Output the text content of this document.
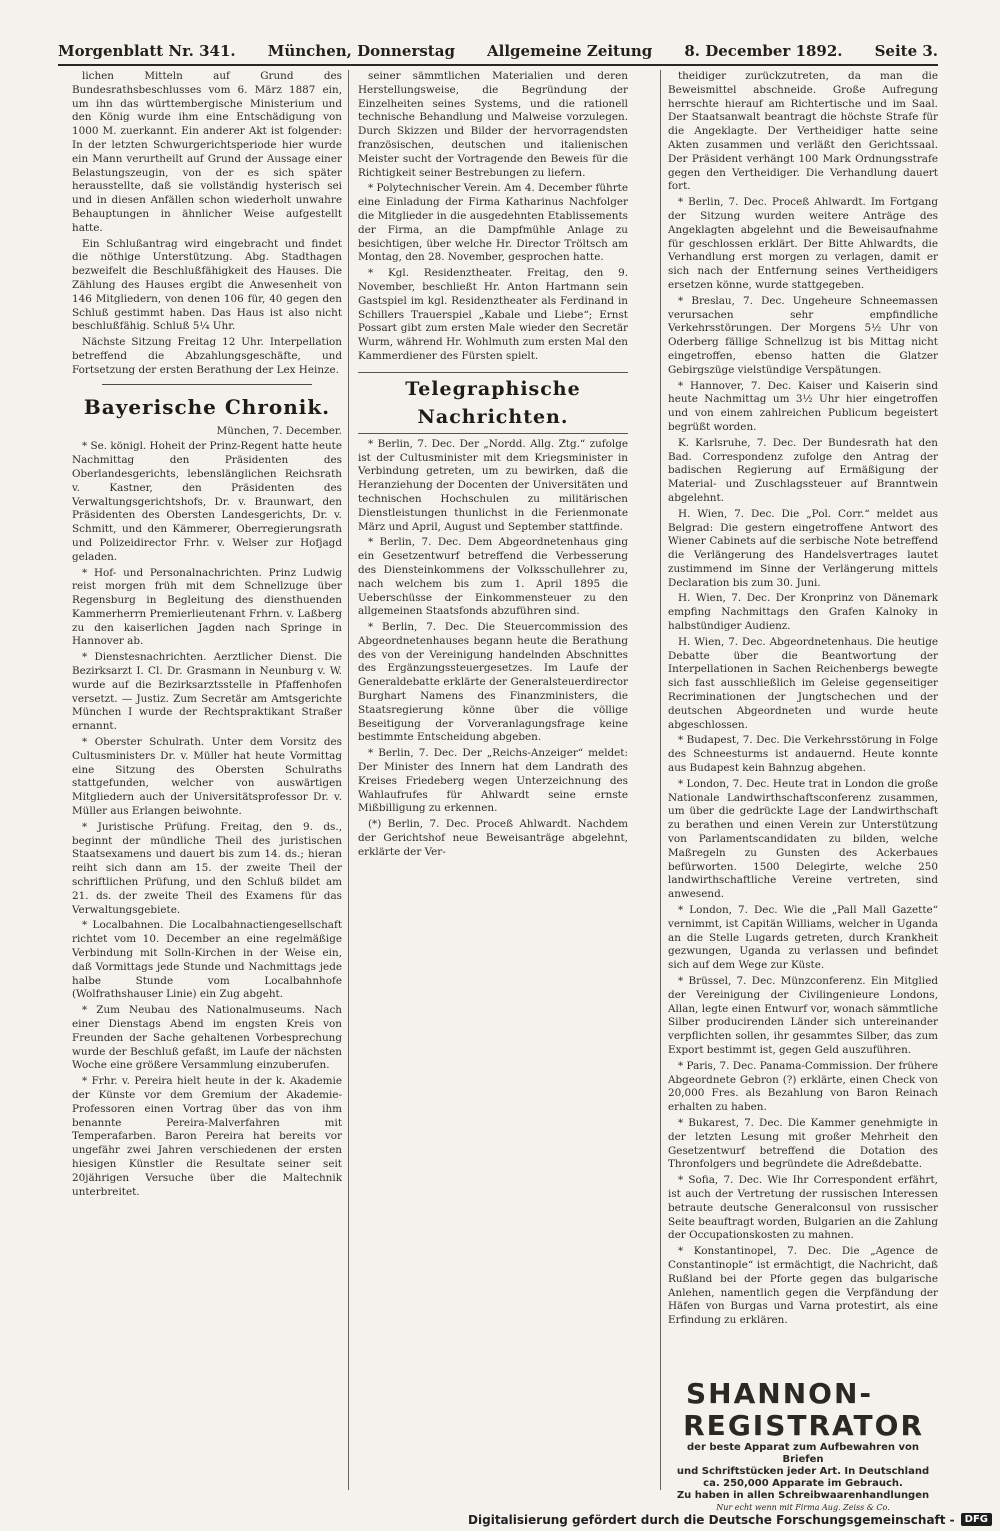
Morgenblatt Nr. 341. München, Donnerstag Allgemeine Zeitung 8. December 1892. Seite 3.

lichen Mitteln auf Grund des Bundesrathsbeschlusses vom 6. März 1887 ein, um ihn das württembergische Ministerium und den König wurde ihm eine Entschädigung von 1000 M. zuerkannt. Ein anderer Akt ist folgender: In der letzten Schwurgerichtsperiode hier wurde ein Mann verurtheilt auf Grund der Aussage einer Belastungszeugin, von der es sich später herausstellte, daß sie vollständig hysterisch sei und in diesen Anfällen schon wiederholt unwahre Behauptungen in ähnlicher Weise aufgestellt hatte.

Ein Schlußantrag wird eingebracht und findet die nöthige Unterstützung. Abg. Stadthagen bezweifelt die Beschlußfähigkeit des Hauses. Die Zählung des Hauses ergibt die Anwesenheit von 146 Mitgliedern, von denen 106 für, 40 gegen den Schluß gestimmt haben. Das Haus ist also nicht beschlußfähig. Schluß 5¼ Uhr.

Nächste Sitzung Freitag 12 Uhr. Interpellation betreffend die Abzahlungsgeschäfte, und Fortsetzung der ersten Berathung der Lex Heinze.

Bayerische Chronik.
München, 7. December.

* Se. königl. Hoheit der Prinz-Regent hatte heute Nachmittag den Präsidenten des Oberlandesgerichts, lebenslänglichen Reichsrath v. Kastner, den Präsidenten des Verwaltungsgerichtshofs, Dr. v. Braunwart, den Präsidenten des Obersten Landesgerichts, Dr. v. Schmitt, und den Kämmerer, Oberregierungsrath und Polizeidirector Frhr. v. Welser zur Hofjagd geladen.

* Hof- und Personalnachrichten. Prinz Ludwig reist morgen früh mit dem Schnellzuge über Regensburg in Begleitung des diensthuenden Kammerherrn Premierlieutenant Frhrn. v. Laßberg zu den kaiserlichen Jagden nach Springe in Hannover ab.

* Dienstesnachrichten. Aerztlicher Dienst. Die Bezirksarzt I. Cl. Dr. Grasmann in Neunburg v. W. wurde auf die Bezirksarztsstelle in Pfaffenhofen versetzt. — Justiz. Zum Secretär am Amtsgerichte München I wurde der Rechtspraktikant Straßer ernannt.

* Oberster Schulrath. Unter dem Vorsitz des Cultusministers Dr. v. Müller hat heute Vormittag eine Sitzung des Obersten Schulraths stattgefunden, welcher von auswärtigen Mitgliedern auch der Universitätsprofessor Dr. v. Müller aus Erlangen beiwohnte.

* Juristische Prüfung. Freitag, den 9. ds., beginnt der mündliche Theil des juristischen Staatsexamens und dauert bis zum 14. ds.; hieran reiht sich dann am 15. der zweite Theil der schriftlichen Prüfung, und den Schluß bildet am 21. ds. der zweite Theil des Examens für das Verwaltungsgebiete.

* Localbahnen. Die Localbahnactiengesellschaft richtet vom 10. December an eine regelmäßige Verbindung mit Solln-Kirchen in der Weise ein, daß Vormittags jede Stunde und Nachmittags jede halbe Stunde vom Localbahnhofe (Wolfrathshauser Linie) ein Zug abgeht.

* Zum Neubau des Nationalmuseums. Nach einer Dienstags Abend im engsten Kreis von Freunden der Sache gehaltenen Vorbesprechung wurde der Beschluß gefaßt, im Laufe der nächsten Woche eine größere Versammlung einzuberufen.

* Frhr. v. Pereira hielt heute in der k. Akademie der Künste vor dem Gremium der Akademie-Professoren einen Vortrag über das von ihm benannte Pereira-Malverfahren mit Temperafarben. Baron Pereira hat bereits vor ungefähr zwei Jahren verschiedenen der ersten hiesigen Künstler die Resultate seiner seit 20jährigen Versuche über die Maltechnik unterbreitet.

seiner sämmtlichen Materialien und deren Herstellungsweise, die Begründung der Einzelheiten seines Systems, und die rationell technische Behandlung und Malweise vorzulegen. Durch Skizzen und Bilder der hervorragendsten französischen, deutschen und italienischen Meister sucht der Vortragende den Beweis für die Richtigkeit seiner Bestrebungen zu liefern.

* Polytechnischer Verein. Am 4. December führte eine Einladung der Firma Katharinus Nachfolger die Mitglieder in die ausgedehnten Etablissements der Firma, an die Dampfmühle Anlage zu besichtigen, über welche Hr. Director Tröltsch am Montag, den 28. November, gesprochen hatte.

* Kgl. Residenztheater. Freitag, den 9. November, beschließt Hr. Anton Hartmann sein Gastspiel im kgl. Residenztheater als Ferdinand in Schillers Trauerspiel „Kabale und Liebe“; Ernst Possart gibt zum ersten Male wieder den Secretär Wurm, während Hr. Wohlmuth zum ersten Mal den Kammerdiener des Fürsten spielt.

Telegraphische Nachrichten.

* Berlin, 7. Dec. Der „Nordd. Allg. Ztg.“ zufolge ist der Cultusminister mit dem Kriegsminister in Verbindung getreten, um zu bewirken, daß die Heranziehung der Docenten der Universitäten und technischen Hochschulen zu militärischen Dienstleistungen thunlichst in die Ferienmonate März und April, August und September stattfinde.

* Berlin, 7. Dec. Dem Abgeordnetenhaus ging ein Gesetzentwurf betreffend die Verbesserung des Diensteinkommens der Volksschullehrer zu, nach welchem bis zum 1. April 1895 die Ueberschüsse der Einkommensteuer zu den allgemeinen Staatsfonds abzuführen sind.

* Berlin, 7. Dec. Die Steuercommission des Abgeordnetenhauses begann heute die Berathung des von der Vereinigung handelnden Abschnittes des Ergänzungssteuergesetzes. Im Laufe der Generaldebatte erklärte der Generalsteuerdirector Burghart Namens des Finanzministers, die Staatsregierung könne über die völlige Beseitigung der Vorveranlagungsfrage keine bestimmte Entscheidung abgeben.

* Berlin, 7. Dec. Der „Reichs-Anzeiger“ meldet: Der Minister des Innern hat dem Landrath des Kreises Friedeberg wegen Unterzeichnung des Wahlaufrufes für Ahlwardt seine ernste Mißbilligung zu erkennen.

(*) Berlin, 7. Dec. Proceß Ahlwardt. Nachdem der Gerichtshof neue Beweisanträge abgelehnt, erklärte der Ver-

theidiger zurückzutreten, da man die Beweismittel abschneide. Große Aufregung herrschte hierauf am Richtertische und im Saal. Der Staatsanwalt beantragt die höchste Strafe für die Angeklagte. Der Vertheidiger hatte seine Akten zusammen und verläßt den Gerichtssaal. Der Präsident verhängt 100 Mark Ordnungsstrafe gegen den Vertheidiger. Die Verhandlung dauert fort.

* Berlin, 7. Dec. Proceß Ahlwardt. Im Fortgang der Sitzung wurden weitere Anträge des Angeklagten abgelehnt und die Beweisaufnahme für geschlossen erklärt. Der Bitte Ahlwardts, die Verhandlung erst morgen zu verlagen, damit er sich nach der Entfernung seines Vertheidigers ersetzen könne, wurde stattgegeben.

* Breslau, 7. Dec. Ungeheure Schneemassen verursachen sehr empfindliche Verkehrsstörungen. Der Morgens 5½ Uhr von Oderberg fällige Schnellzug ist bis Mittag nicht eingetroffen, ebenso hatten die Glatzer Gebirgszüge vielstündige Verspätungen.

* Hannover, 7. Dec. Kaiser und Kaiserin sind heute Nachmittag um 3½ Uhr hier eingetroffen und von einem zahlreichen Publicum begeistert begrüßt worden.

K. Karlsruhe, 7. Dec. Der Bundesrath hat den Bad. Correspondenz zufolge den Antrag der badischen Regierung auf Ermäßigung der Material- und Zuschlagssteuer auf Branntwein abgelehnt.

H. Wien, 7. Dec. Die „Pol. Corr.“ meldet aus Belgrad: Die gestern eingetroffene Antwort des Wiener Cabinets auf die serbische Note betreffend die Verlängerung des Handelsvertrages lautet zustimmend im Sinne der Verlängerung mittels Declaration bis zum 30. Juni.

H. Wien, 7. Dec. Der Kronprinz von Dänemark empfing Nachmittags den Grafen Kalnoky in halbstündiger Audienz.

H. Wien, 7. Dec. Abgeordnetenhaus. Die heutige Debatte über die Beantwortung der Interpellationen in Sachen Reichenbergs bewegte sich fast ausschließlich im Geleise gegenseitiger Recriminationen der Jungtschechen und der deutschen Abgeordneten und wurde heute abgeschlossen.

* Budapest, 7. Dec. Die Verkehrsstörung in Folge des Schneesturms ist andauernd. Heute konnte aus Budapest kein Bahnzug abgehen.

* London, 7. Dec. Heute trat in London die große Nationale Landwirthschaftsconferenz zusammen, um über die gedrückte Lage der Landwirthschaft zu berathen und einen Verein zur Unterstützung von Parlamentscandidaten zu bilden, welche Maßregeln zu Gunsten des Ackerbaues befürworten. 1500 Delegirte, welche 250 landwirthschaftliche Vereine vertreten, sind anwesend.

* London, 7. Dec. Wie die „Pall Mall Gazette“ vernimmt, ist Capitän Williams, welcher in Uganda an die Stelle Lugards getreten, durch Krankheit gezwungen, Uganda zu verlassen und befindet sich auf dem Wege zur Küste.

* Brüssel, 7. Dec. Münzconferenz. Ein Mitglied der Vereinigung der Civilingenieure Londons, Allan, legte einen Entwurf vor, wonach sämmtliche Silber producirenden Länder sich untereinander verpflichten sollen, ihr gesammtes Silber, das zum Export bestimmt ist, gegen Geld auszuführen.

* Paris, 7. Dec. Panama-Commission. Der frühere Abgeordnete Gebron (?) erklärte, einen Check von 20,000 Fres. als Bezahlung von Baron Reinach erhalten zu haben.

* Bukarest, 7. Dec. Die Kammer genehmigte in der letzten Lesung mit großer Mehrheit den Gesetzentwurf betreffend die Dotation des Thronfolgers und begründete die Adreßdebatte.

* Sofia, 7. Dec. Wie Ihr Correspondent erfährt, ist auch der Vertretung der russischen Interessen betraute deutsche Generalconsul von russischer Seite beauftragt worden, Bulgarien an die Zahlung der Occupationskosten zu mahnen.

* Konstantinopel, 7. Dec. Die „Agence de Constantinople“ ist ermächtigt, die Nachricht, daß Rußland bei der Pforte gegen das bulgarische Anlehen, namentlich gegen die Verpfändung der Häfen von Burgas und Varna protestirt, als eine Erfindung zu erklären.

SHANNON-
REGISTRATOR
der beste Apparat zum Aufbewahren von Briefen
und Schriftstücken jeder Art. In Deutschland
ca. 250,000 Apparate im Gebrauch.
Zu haben in allen Schreibwaarenhandlungen
Nur echt wenn mit Firma Aug. Zeiss & Co.
Digitalisierung gefördert durch die Deutsche Forschungsgemeinschaft -	DFG
